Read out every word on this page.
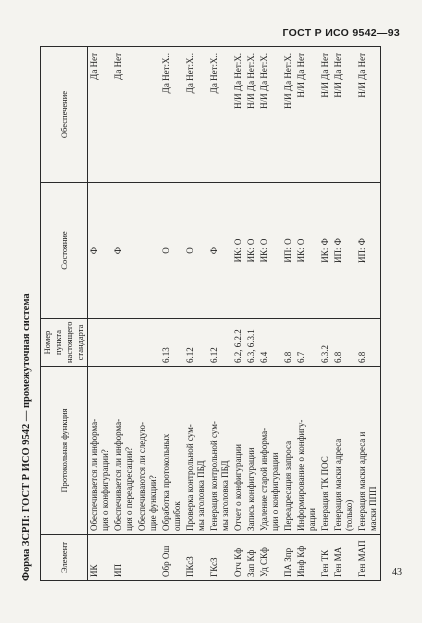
ГОСТ Р ИСО 9542—93
Форма ЗСРП: ГОСТ Р ИСО 9542 — промежуточная система
Элемент	Протокольная функция	Номер пункта настоящего стандарта	Состояние	Обеспечение
ИК	Обеспечивается ли информа-
ция о конфигурации?		Ф	Да Нет
ИП	Обеспечивается ли информа-
ция о переадресации?		Ф	Да Нет
	Обеспечиваются ли следую-
щие функции?			
Обр Ош	Обработка протокольных
ошибок	6.13	О	Да Нет:Х..
ПКсЗ	Проверка контрольной сум-
мы заголовка ПБД	6.12	О	Да Нет:Х..
ГКсЗ	Генерация контрольной сум-
мы заголовка ПБД	6.12	Ф	Да Нет:Х..
Отч Кф	Отчет о конфигурации	6.2, 6.2.2	ИК: О	Н/И Да Нет:Х.
Зап Кф	Запись конфигурации	6.3, 6.3.1	ИК: О	Н/И Да Нет:Х.
Уд СКф	Удаление старой информа-
ции о конфигурации	6.4	ИК: О	Н/И Да Нет:Х.
ПА Зпр	Переадресация запроса	6.8	ИП: О	Н/И Да Нет:Х.
Инф Кф	Информирование о конфигу-
рации	6.7	ИК: О	Н/И Да Нет
Ген ТК	Генерация ТК ПОС	6.3.2	ИК: Ф	Н/И Да Нет
Ген МА	Генерация маски адреса
(только)	6.8	ИП: Ф	Н/И Да Нет
Ген МАП	Генерация маски адреса и
маски ППП	6.8	ИП: Ф	Н/И Да Нет
43
